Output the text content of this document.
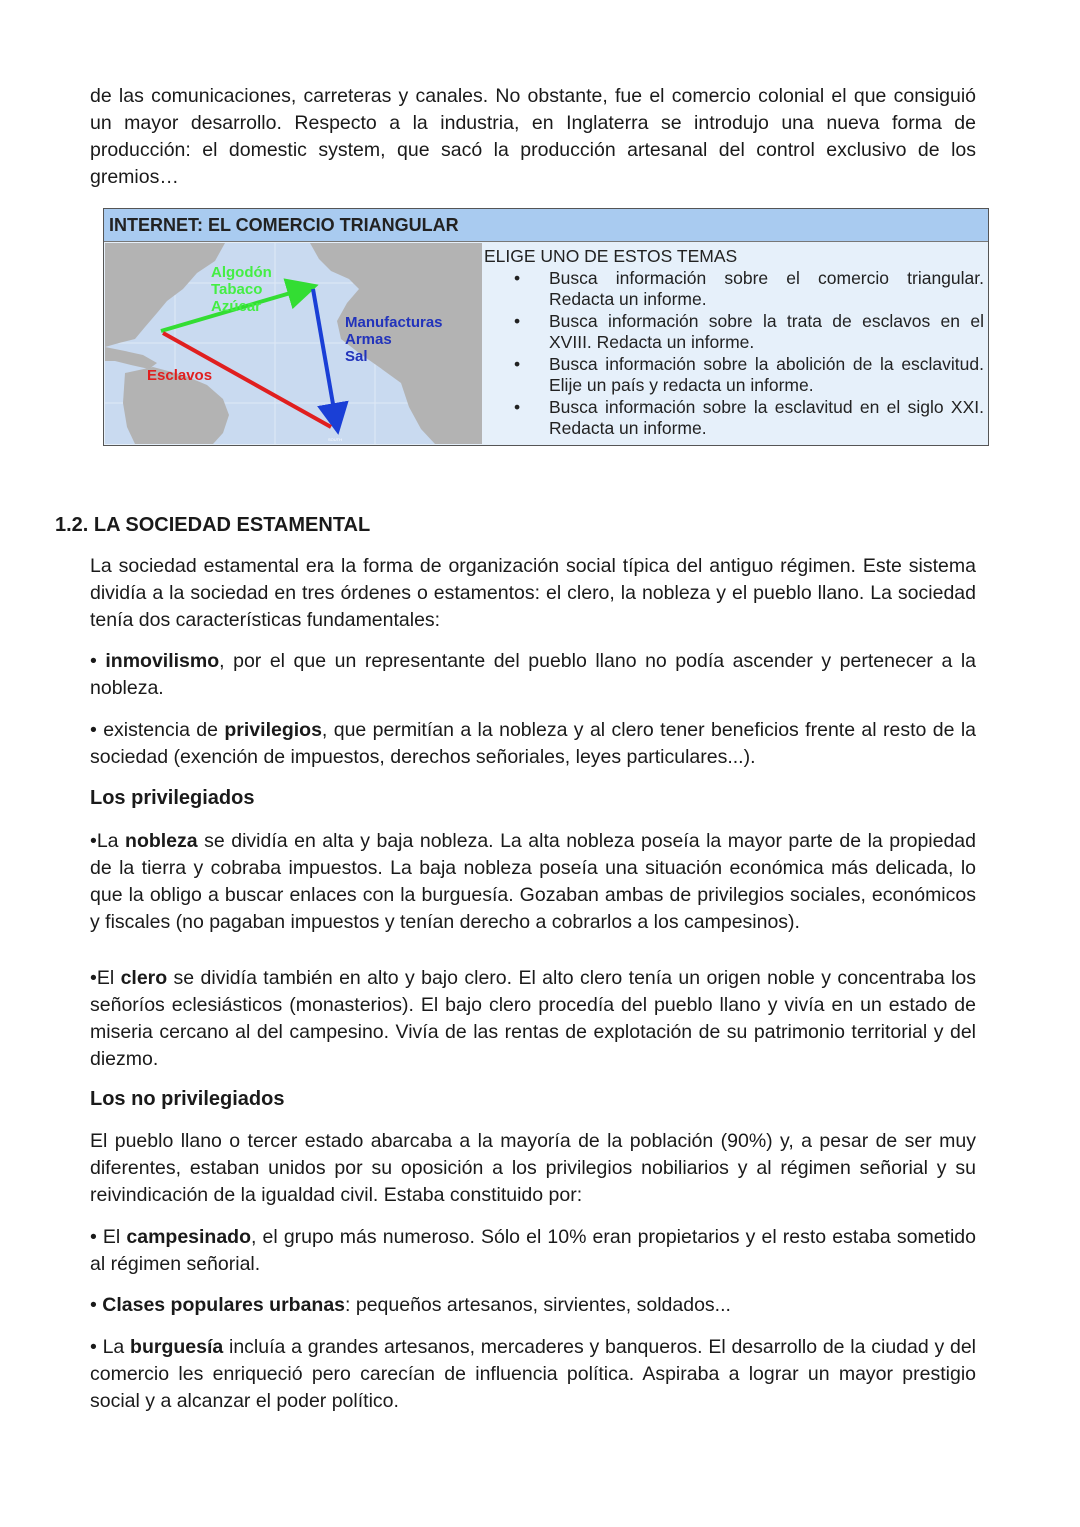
de las comunicaciones, carreteras y canales. No obstante, fue el comercio colonial el que consiguió un mayor desarrollo. Respecto a la industria, en Inglaterra se introdujo una nueva forma de producción: el domestic system, que sacó la producción artesanal del control exclusivo de los gremios…

INTERNET: EL COMERCIO TRIANGULAR
SOUTH
Algodón
Tabaco
Azúcar
Manufacturas
Armas
Sal
Esclavos

ELIGE UNO DE ESTOS TEMAS

• Busca información sobre el comercio triangular. Redacta un informe.
• Busca información sobre la trata de esclavos en el XVIII. Redacta un informe.
• Busca información sobre la abolición de la esclavitud. Elije un país y redacta un informe.
• Busca información sobre la esclavitud en el siglo XXI. Redacta un informe.

1.2. LA SOCIEDAD ESTAMENTAL

La sociedad estamental era la forma de organización social típica del antiguo régimen. Este sistema dividía a la sociedad en tres órdenes o estamentos: el clero, la nobleza y el pueblo llano. La sociedad tenía dos características fundamentales:

• inmovilismo, por el que un representante del pueblo llano no podía ascender y pertenecer a la nobleza.

• existencia de privilegios, que permitían a la nobleza y al clero tener beneficios frente al resto de la sociedad (exención de impuestos, derechos señoriales, leyes particulares...).

Los privilegiados

•La nobleza se dividía en alta y baja nobleza. La alta nobleza poseía la mayor parte de la propiedad de la tierra y cobraba impuestos. La baja nobleza poseía una situación económica más delicada, lo que la obligo a buscar enlaces con la burguesía. Gozaban ambas de privilegios sociales, económicos y fiscales (no pagaban impuestos y tenían derecho a cobrarlos a los campesinos).

•El clero se dividía también en alto y bajo clero. El alto clero tenía un origen noble y concentraba los señoríos eclesiásticos (monasterios). El bajo clero procedía del pueblo llano y vivía en un estado de miseria cercano al del campesino. Vivía de las rentas de explotación de su patrimonio territorial y del diezmo.

Los no privilegiados

El pueblo llano o tercer estado abarcaba a la mayoría de la población (90%) y, a pesar de ser muy diferentes, estaban unidos por su oposición a los privilegios nobiliarios y al régimen señorial y su reivindicación de la igualdad civil. Estaba constituido por:

• El campesinado, el grupo más numeroso. Sólo el 10% eran propietarios y el resto estaba sometido al régimen señorial.

• Clases populares urbanas: pequeños artesanos, sirvientes, soldados...

• La burguesía incluía a grandes artesanos, mercaderes y banqueros. El desarrollo de la ciudad y del comercio les enriqueció pero carecían de influencia política. Aspiraba a lograr un mayor prestigio social y a alcanzar el poder político.
